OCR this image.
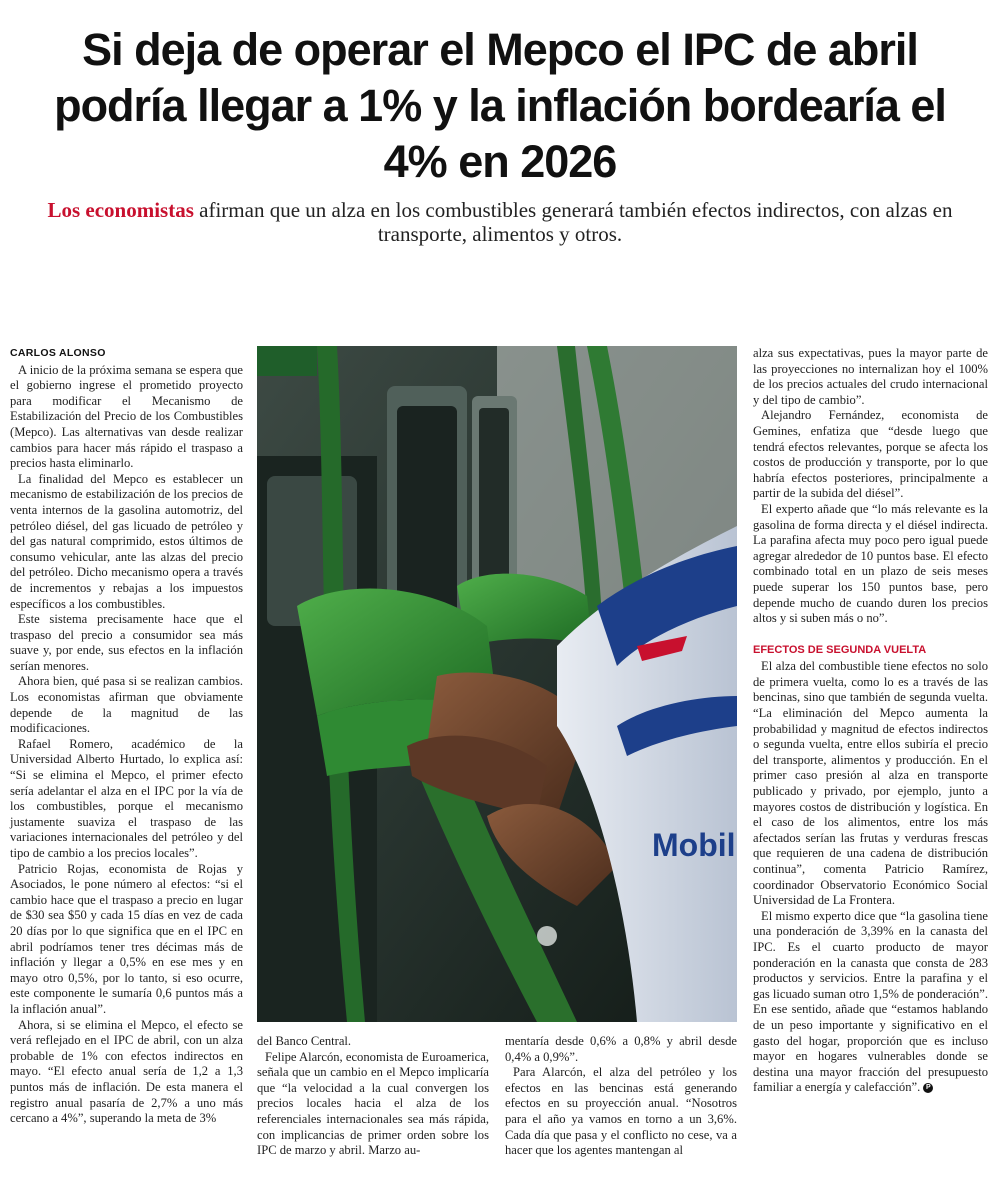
Si deja de operar el Mepco el IPC de abril podría llegar a 1% y la inflación bordearía el 4% en 2026
Los economistas afirman que un alza en los combustibles generará también efectos indirectos, con alzas en transporte, alimentos y otros.
CARLOS ALONSO

A inicio de la próxima semana se espera que el gobierno ingrese el prometido proyecto para modificar el Mecanismo de Estabilización del Precio de los Combustibles (Mepco). Las alternativas van desde realizar cambios para hacer más rápido el traspaso a precios hasta eliminarlo.

La finalidad del Mepco es establecer un mecanismo de estabilización de los precios de venta internos de la gasolina automotriz, del petróleo diésel, del gas licuado de petróleo y del gas natural comprimido, estos últimos de consumo vehicular, ante las alzas del precio del petróleo. Dicho mecanismo opera a través de incrementos y rebajas a los impuestos específicos a los combustibles.

Este sistema precisamente hace que el traspaso del precio a consumidor sea más suave y, por ende, sus efectos en la inflación serían menores.

Ahora bien, qué pasa si se realizan cambios. Los economistas afirman que obviamente depende de la magnitud de las modificaciones.

Rafael Romero, académico de la Universidad Alberto Hurtado, lo explica así: “Si se elimina el Mepco, el primer efecto sería adelantar el alza en el IPC por la vía de los combustibles, porque el mecanismo justamente suaviza el traspaso de las variaciones internacionales del petróleo y del tipo de cambio a los precios locales”.

Patricio Rojas, economista de Rojas y Asociados, le pone número al efectos: “si el cambio hace que el traspaso a precio en lugar de $30 sea $50 y cada 15 días en vez de cada 20 días por lo que significa que en el IPC en abril podríamos tener tres décimas más de inflación y llegar a 0,5% en ese mes y en mayo otro 0,5%, por lo tanto, si eso ocurre, este componente le sumaría 0,6 puntos más a la inflación anual”.

Ahora, si se elimina el Mepco, el efecto se verá reflejado en el IPC de abril, con un alza probable de 1% con efectos indirectos en mayo. “El efecto anual sería de 1,2 a 1,3 puntos más de inflación. De esta manera el registro anual pasaría de 2,7% a uno más cercano a 4%”, superando la meta de 3%

Mobil

del Banco Central.

Felipe Alarcón, economista de Euroamerica, señala que un cambio en el Mepco implicaría que “la velocidad a la cual convergen los precios locales hacia el alza de los referenciales internacionales sea más rápida, con implicancias de primer orden sobre los IPC de marzo y abril. Marzo au-

mentaría desde 0,6% a 0,8% y abril desde 0,4% a 0,9%”.

Para Alarcón, el alza del petróleo y los efectos en las bencinas está generando efectos en su proyección anual. “Nosotros para el año ya vamos en torno a un 3,6%. Cada día que pasa y el conflicto no cese, va a hacer que los agentes mantengan al

alza sus expectativas, pues la mayor parte de las proyecciones no internalizan hoy el 100% de los precios actuales del crudo internacional y del tipo de cambio”.

Alejandro Fernández, economista de Gemines, enfatiza que “desde luego que tendrá efectos relevantes, porque se afecta los costos de producción y transporte, por lo que habría efectos posteriores, principalmente a partir de la subida del diésel”.

El experto añade que “lo más relevante es la gasolina de forma directa y el diésel indirecta. La parafina afecta muy poco pero igual puede agregar alrededor de 10 puntos base. El efecto combinado total en un plazo de seis meses puede superar los 150 puntos base, pero depende mucho de cuando duren los precios altos y si suben más o no”.

EFECTOS DE SEGUNDA VUELTA

El alza del combustible tiene efectos no solo de primera vuelta, como lo es a través de las bencinas, sino que también de segunda vuelta. “La eliminación del Mepco aumenta la probabilidad y magnitud de efectos indirectos o segunda vuelta, entre ellos subiría el precio del transporte, alimentos y producción. En el primer caso presión al alza en transporte publicado y privado, por ejemplo, junto a mayores costos de distribución y logística. En el caso de los alimentos, entre los más afectados serían las frutas y verduras frescas que requieren de una cadena de distribución continua”, comenta Patricio Ramírez, coordinador Observatorio Económico Social Universidad de La Frontera.

El mismo experto dice que “la gasolina tiene una ponderación de 3,39% en la canasta del IPC. Es el cuarto producto de mayor ponderación en la canasta que consta de 283 productos y servicios. Entre la parafina y el gas licuado suman otro 1,5% de ponderación”. En ese sentido, añade que “estamos hablando de un peso importante y significativo en el gasto del hogar, proporción que es incluso mayor en hogares vulnerables donde se destina una mayor fracción del presupuesto familiar a energía y calefacción”. P
